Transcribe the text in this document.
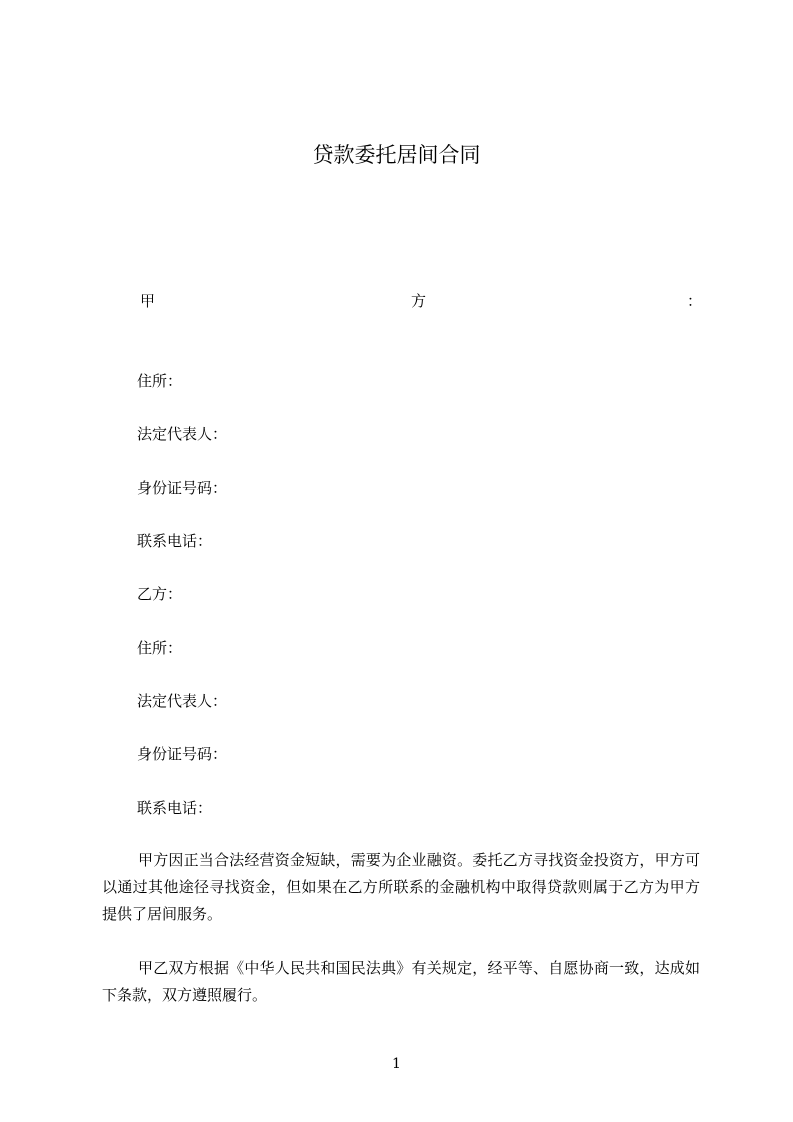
贷款委托居间合同
甲	方	：
住所：
法定代表人：
身份证号码：
联系电话：
乙方：
住所：
法定代表人：
身份证号码：
联系电话：
甲方因正当合法经营资金短缺，需要为企业融资。委托乙方寻找资金投资方，甲方可以通过其他途径寻找资金，但如果在乙方所联系的金融机构中取得贷款则属于乙方为甲方提供了居间服务。
甲乙双方根据《中华人民共和国民法典》有关规定，经平等、自愿协商一致，达成如下条款，双方遵照履行。
1
